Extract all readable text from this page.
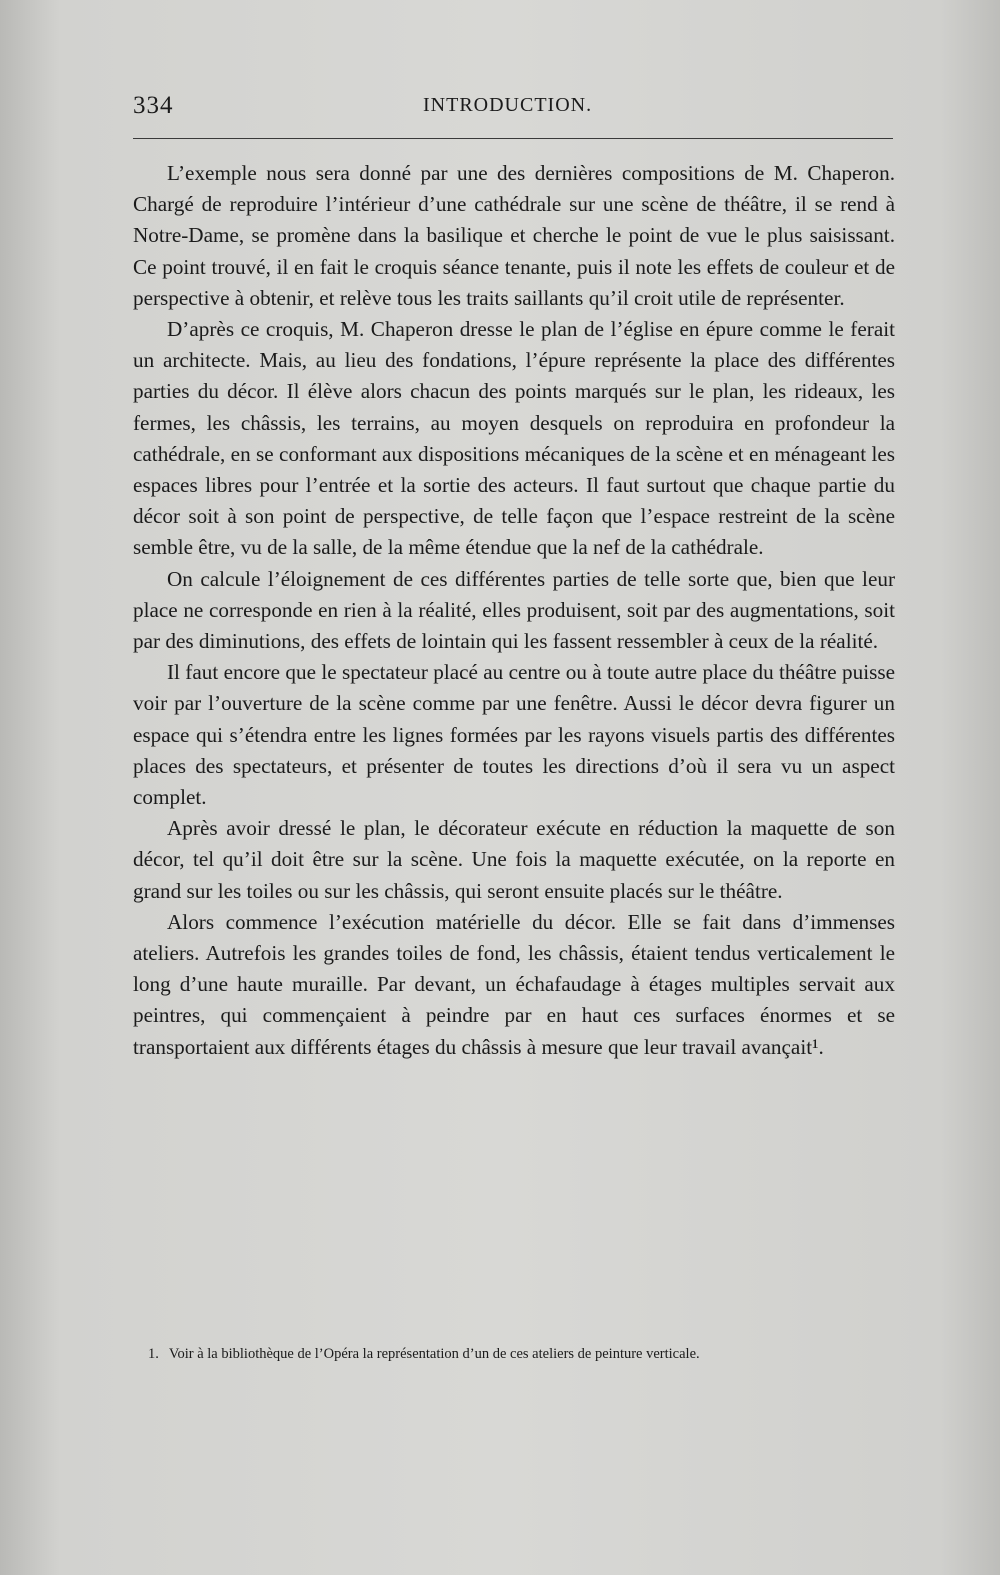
334	INTRODUCTION.

L’exemple nous sera donné par une des dernières compositions de M. Chaperon. Chargé de reproduire l’intérieur d’une cathédrale sur une scène de théâtre, il se rend à Notre-Dame, se promène dans la basilique et cherche le point de vue le plus saisissant. Ce point trouvé, il en fait le croquis séance tenante, puis il note les effets de couleur et de perspective à obtenir, et relève tous les traits saillants qu’il croit utile de représenter.

D’après ce croquis, M. Chaperon dresse le plan de l’église en épure comme le ferait un architecte. Mais, au lieu des fondations, l’épure représente la place des différentes parties du décor. Il élève alors chacun des points marqués sur le plan, les rideaux, les fermes, les châssis, les terrains, au moyen desquels on reproduira en profondeur la cathédrale, en se conformant aux dispositions mécaniques de la scène et en ménageant les espaces libres pour l’entrée et la sortie des acteurs. Il faut surtout que chaque partie du décor soit à son point de perspective, de telle façon que l’espace restreint de la scène semble être, vu de la salle, de la même étendue que la nef de la cathédrale.

On calcule l’éloignement de ces différentes parties de telle sorte que, bien que leur place ne corresponde en rien à la réalité, elles produisent, soit par des augmentations, soit par des diminutions, des effets de lointain qui les fassent ressembler à ceux de la réalité.

Il faut encore que le spectateur placé au centre ou à toute autre place du théâtre puisse voir par l’ouverture de la scène comme par une fenêtre. Aussi le décor devra figurer un espace qui s’étendra entre les lignes formées par les rayons visuels partis des différentes places des spectateurs, et présenter de toutes les directions d’où il sera vu un aspect complet.

Après avoir dressé le plan, le décorateur exécute en réduction la maquette de son décor, tel qu’il doit être sur la scène. Une fois la maquette exécutée, on la reporte en grand sur les toiles ou sur les châssis, qui seront ensuite placés sur le théâtre.

Alors commence l’exécution matérielle du décor. Elle se fait dans d’immenses ateliers. Autrefois les grandes toiles de fond, les châssis, étaient tendus verticalement le long d’une haute muraille. Par devant, un échafaudage à étages multiples servait aux peintres, qui commençaient à peindre par en haut ces surfaces énormes et se transportaient aux différents étages du châssis à mesure que leur travail avançait¹.

1. Voir à la bibliothèque de l’Opéra la représentation d’un de ces ateliers de peinture verticale.
